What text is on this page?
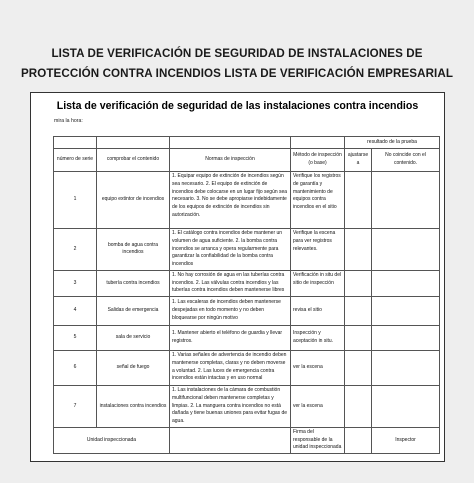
LISTA DE VERIFICACIÓN DE SEGURIDAD DE INSTALACIONES DE
PROTECCIÓN CONTRA INCENDIOS LISTA DE VERIFICACIÓN EMPRESARIAL
Lista de verificación de seguridad de las instalaciones contra incendios
mira la hora:
				resultado de la prueba	
número de serie	comprobar el contenido	Normas de inspección	Método de inspección (o base)	ajustarse a	No coincide con el contenido.
1	equipo extintor de incendios	1. Equipar equipo de extinción de incendios según sea necesario. 2. El equipo de extinción de incendios debe colocarse en un lugar fijo según sea necesario. 3. No se debe apropiarse indebidamente de los equipos de extinción de incendios sin autorización.	Verifique los registros de garantía y mantenimiento de equipos contra incendios en el sitio		
2	bomba de agua contra incendios	1. El catálogo contra incendios debe mantener un volumen de agua suficiente. 2. la bomba contra incendios se arranca y opera regularmente para garantizar la confiabilidad de la bomba contra incendios	Verifique la escena para ver registros relevantes.		
3	tubería contra incendios	1. No hay corrosión de agua en las tuberías contra incendios. 2. Las válvulas contra incendios y las tuberías contra incendios deben mantenerse libres	Verificación in situ del sitio de inspección		
4	Salidas de emergencia	1. Las escaleras de incendios deben mantenerse despejadas en todo momento y no deben bloquearse por ningún motivo	revisa el sitio		
5	sala de servicio	1. Mantener abierto el teléfono de guardia y llevar registros.	Inspección y aceptación in situ.		
6	señal de fuego	1. Varias señales de advertencia de incendio deben mantenerse completas, claras y no deben moverse a voluntad. 2. Las luces de emergencia contra incendios están intactas y en uso normal	ver la escena		
7	instalaciones contra incendios	1. Las instalaciones de la cámara de combustión multifuncional deben mantenerse completas y limpias. 2. La manguera contra incendios no está dañada y tiene buenas uniones para evitar fugas de agua.	ver la escena		
Unidad inspeccionada			Firma del responsable de la unidad inspeccionada		Inspector
